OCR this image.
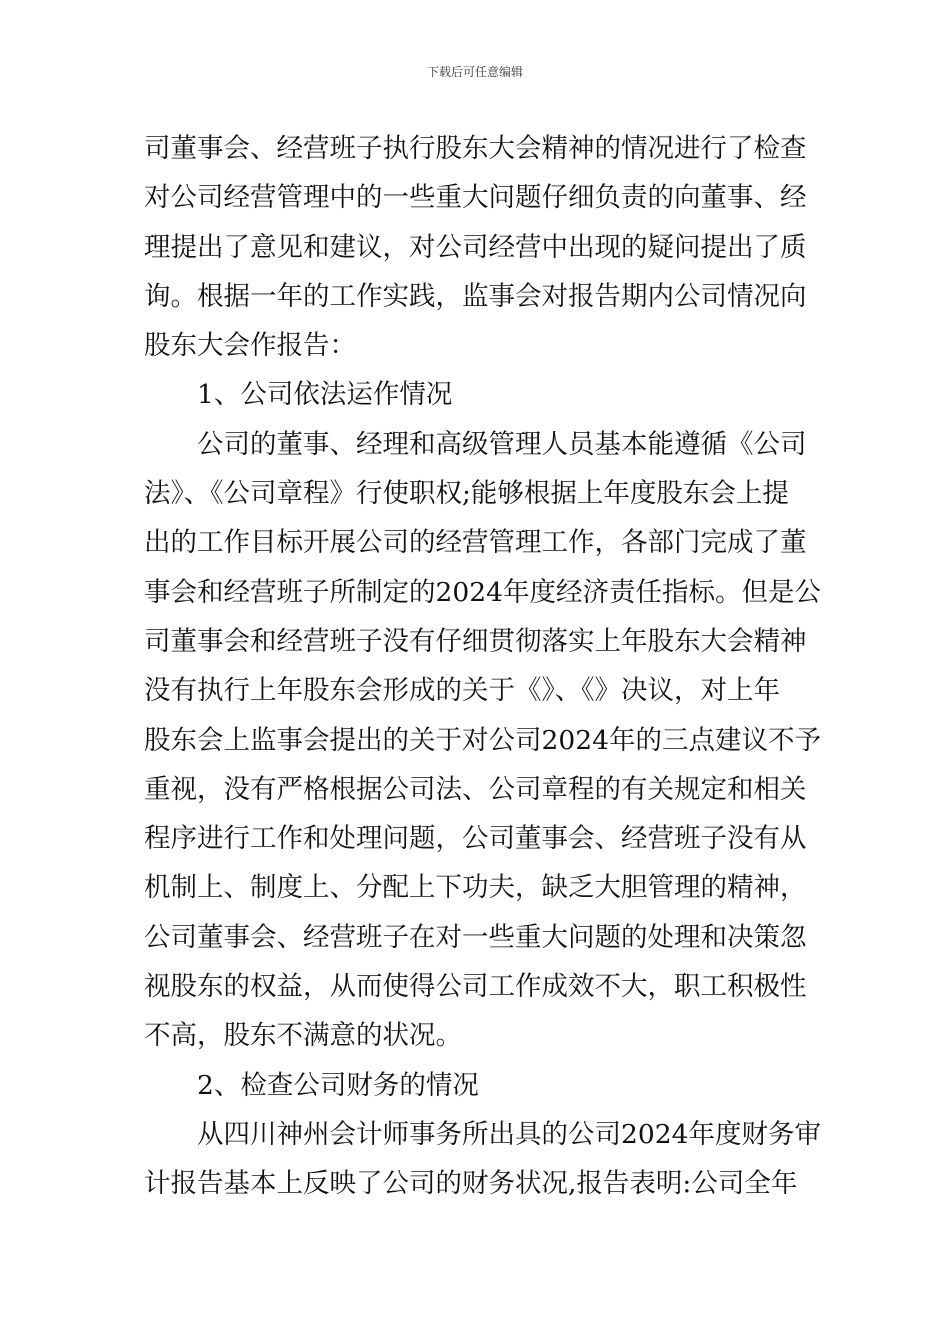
下载后可任意编辑
司董事会、经营班子执行股东大会精神的情况进行了检查
对公司经营管理中的一些重大问题仔细负责的向董事、经
理提出了意见和建议，对公司经营中出现的疑问提出了质
询。根据一年的工作实践，监事会对报告期内公司情况向
股东大会作报告：
1、公司依法运作情况
公司的董事、经理和高级管理人员基本能遵循《公司
法》、《公司章程》行使职权;能够根据上年度股东会上提
出的工作目标开展公司的经营管理工作，各部门完成了董
事会和经营班子所制定的2024年度经济责任指标。但是公
司董事会和经营班子没有仔细贯彻落实上年股东大会精神
没有执行上年股东会形成的关于《》、《》决议，对上年
股东会上监事会提出的关于对公司2024年的三点建议不予
重视，没有严格根据公司法、公司章程的有关规定和相关
程序进行工作和处理问题，公司董事会、经营班子没有从
机制上、制度上、分配上下功夫，缺乏大胆管理的精神，
公司董事会、经营班子在对一些重大问题的处理和决策忽
视股东的权益，从而使得公司工作成效不大，职工积极性
不高，股东不满意的状况。
2、检查公司财务的情况
从四川神州会计师事务所出具的公司2024年度财务审
计报告基本上反映了公司的财务状况,报告表明:公司全年
